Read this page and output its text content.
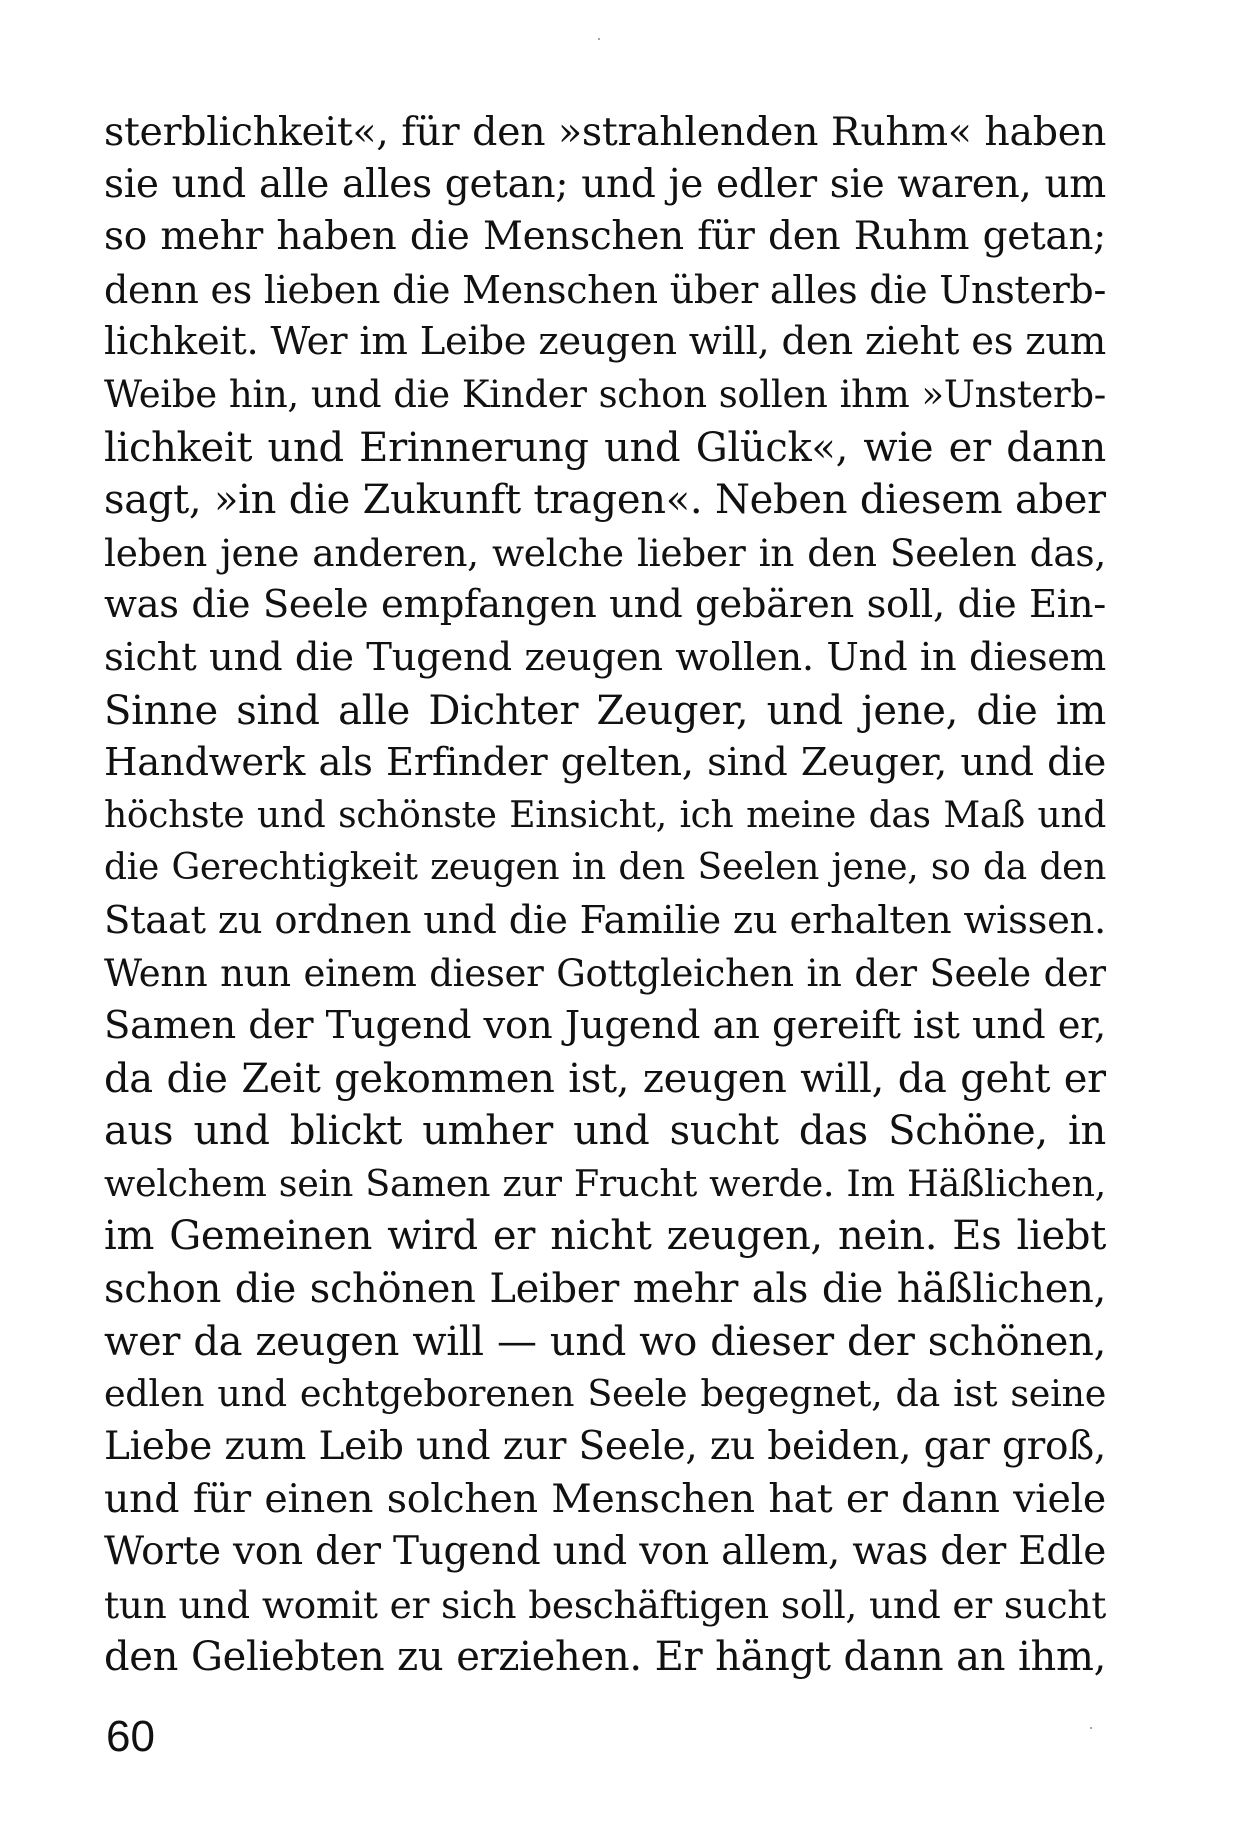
sterblichkeit«, für den »strahlenden Ruhm« haben
sie und alle alles getan; und je edler sie waren, um
so mehr haben die Menschen für den Ruhm getan;
denn es lieben die Menschen über alles die Unsterb-
lichkeit. Wer im Leibe zeugen will, den zieht es zum
Weibe hin, und die Kinder schon sollen ihm »Unsterb-
lichkeit und Erinnerung und Glück«, wie er dann
sagt, »in die Zukunft tragen«. Neben diesem aber
leben jene anderen, welche lieber in den Seelen das,
was die Seele empfangen und gebären soll, die Ein-
sicht und die Tugend zeugen wollen. Und in diesem
Sinne sind alle Dichter Zeuger, und jene, die im
Handwerk als Erfinder gelten, sind Zeuger, und die
höchste und schönste Einsicht, ich meine das Maß und
die Gerechtigkeit zeugen in den Seelen jene, so da den
Staat zu ordnen und die Familie zu erhalten wissen.
Wenn nun einem dieser Gottgleichen in der Seele der
Samen der Tugend von Jugend an gereift ist und er,
da die Zeit gekommen ist, zeugen will, da geht er
aus und blickt umher und sucht das Schöne, in
welchem sein Samen zur Frucht werde. Im Häßlichen,
im Gemeinen wird er nicht zeugen, nein. Es liebt
schon die schönen Leiber mehr als die häßlichen,
wer da zeugen will — und wo dieser der schönen,
edlen und echtgeborenen Seele begegnet, da ist seine
Liebe zum Leib und zur Seele, zu beiden, gar groß,
und für einen solchen Menschen hat er dann viele
Worte von der Tugend und von allem, was der Edle
tun und womit er sich beschäftigen soll, und er sucht
den Geliebten zu erziehen. Er hängt dann an ihm,
60
